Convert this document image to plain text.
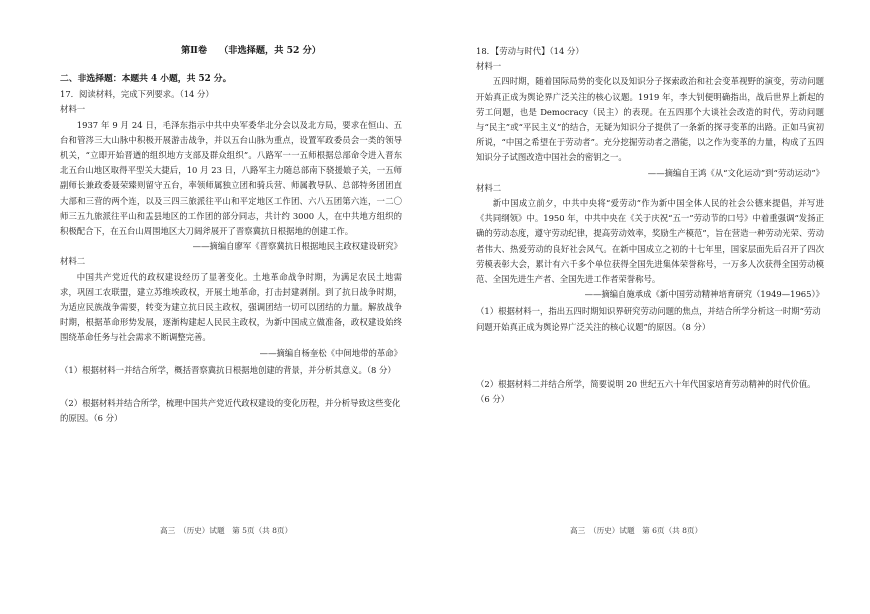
第Ⅱ卷 （非选择题，共 52 分）

二、非选择题：本题共 4 小题，共 52 分。

17．阅读材料，完成下列要求。（14 分）

材料一

1937 年 9 月 24 日，毛泽东指示中共中央军委华北分会以及北方局，要求在恒山、五台和管涔三大山脉中积极开展游击战争，并以五台山脉为重点，设置军政委员会一类的领导机关，“立即开始晋遒的组织地方支部及群众组织”。八路军一一五师根据总部命令进入晋东北五台山地区取得平型关大捷后，10 月 23 日，八路军主力随总部南下骁援娘子关，一五师副师长兼政委聂荣臻则留守五台，率领师属独立团和骑兵营、师属教导队、总部特务团团直大部和三营的两个连，以及三四三旅派往平山和平定地区工作团、六八五团第六连，一二〇师三五九旅派往平山和盂县地区的工作团的部分同志，共计约 3000 人，在中共地方组织的积极配合下，在五台山周围地区大刀阔斧展开了晋察冀抗日根据地的创建工作。

——摘编自廖军《晋察冀抗日根据地民主政权建设研究》

材料二

中国共产党近代的政权建设经历了显著变化。土地革命战争时期，为满足农民土地需求，巩固工农联盟，建立苏维埃政权，开展土地革命，打击封建剥削。到了抗日战争时期，为适应民族战争需要，转变为建立抗日民主政权，强调团结一切可以团结的力量。解放战争时期，根据革命形势发展，逐渐构建起人民民主政权，为新中国成立做准备，政权建设始终围绕革命任务与社会需求不断调整完善。

——摘编自杨奎松《中间地带的革命》

（1）根据材料一并结合所学，概括晋察冀抗日根据地创建的背景，并分析其意义。（8 分）

（2）根据材料并结合所学，梳理中国共产党近代政权建设的变化历程，并分析导致这些变化的原因。（6 分）

高三　（历史）试题　第 5页（共 8页）

18．【劳动与时代】（14 分）

材料一

五四时期，随着国际局势的变化以及知识分子探索政治和社会变革视野的演变，劳动问题开始真正成为舆论界广泛关注的核心议题。1919 年，李大钊便明确指出，战后世界上新起的劳工问题，也是 Democracy（民主）的表现。在五四那个大谈社会改造的时代，劳动问题与“民主”或“平民主义”的结合，无疑为知识分子提供了一条新的探寻变革的出路。正如马寅初所说，“中国之希望在于劳动者”。充分挖掘劳动者之潜能，以之作为变革的力量，构成了五四知识分子试图改造中国社会的密钥之一。

——摘编自王鸿《从“文化运动”到“劳动运动”》

材料二

新中国成立前夕，中共中央将“爱劳动”作为新中国全体人民的社会公德来提倡，并写进《共同纲领》中。1950 年，中共中央在《关于庆祝“五一”劳动节的口号》中着重强调“发扬正确的劳动态度，遵守劳动纪律，提高劳动效率，奖励生产模范”，旨在营造一种劳动光荣、劳动者伟大、热爱劳动的良好社会风气。在新中国成立之初的十七年里，国家层面先后召开了四次劳模表彰大会，累计有六千多个单位获得全国先进集体荣誉称号，一万多人次获得全国劳动模范、全国先进生产者、全国先进工作者荣誉称号。

——摘编自施承成《新中国劳动精神培育研究（1949—1965）》

（1）根据材料一，指出五四时期知识界研究劳动问题的焦点，并结合所学分析这一时期“劳动问题开始真正成为舆论界广泛关注的核心议题”的原因。（8 分）

（2）根据材料二并结合所学，简要说明 20 世纪五六十年代国家培育劳动精神的时代价值。（6 分）

高三　（历史）试题　第 6页（共 8页）
